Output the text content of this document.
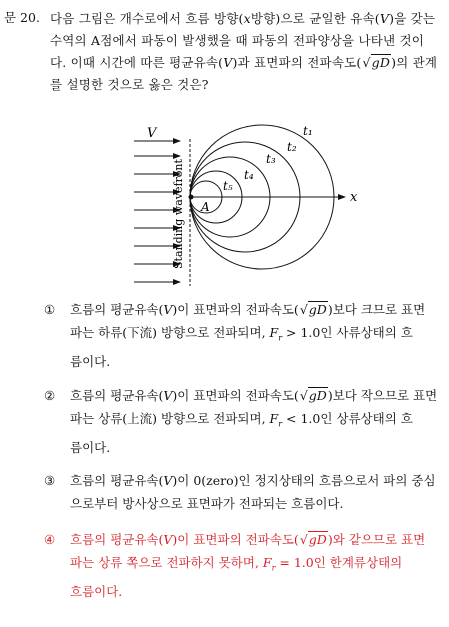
문 20. 다음 그림은 개수로에서 흐름 방향(x방향)으로 균일한 유속(V)을 갖는
수역의 A점에서 파동이 발생했을 때 파동의 전파양상을 나타낸 것이
다. 이때 시간에 따른 평균유속(V)과 표면파의 전파속도(√gD)의 관계
를 설명한 것으로 옳은 것은?
V
Standing wavefront	x
A
t₁
t₂
t₃
t₄
t₅
① 흐름의 평균유속(V)이 표면파의 전파속도(√gD)보다 크므로 표면
파는 하류(下流) 방향으로 전파되며, $F_r > 1.0$인 사류상태의 흐
름이다.
② 흐름의 평균유속(V)이 표면파의 전파속도(√gD)보다 작으므로 표면
파는 상류(上流) 방향으로 전파되며, $F_r < 1.0$인 상류상태의 흐
름이다.
③ 흐름의 평균유속(V)이 0(zero)인 정지상태의 흐름으로서 파의 중심
으로부터 방사상으로 표면파가 전파되는 흐름이다.
④ 흐름의 평균유속(V)이 표면파의 전파속도(√gD)와 같으므로 표면
파는 상류 쪽으로 전파하지 못하며, $F_r = 1.0$인 한계류상태의
흐름이다.
